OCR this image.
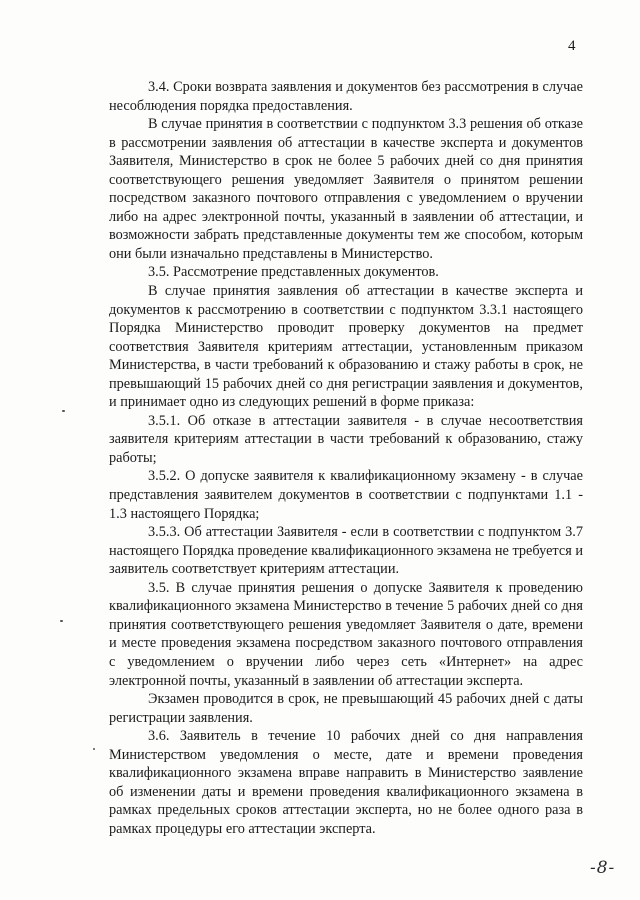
4

3.4. Сроки возврата заявления и документов без рассмотрения в случае несоблюдения порядка предоставления.

В случае принятия в соответствии с подпунктом 3.3 решения об отказе в рассмотрении заявления об аттестации в качестве эксперта и документов Заявителя, Министерство в срок не более 5 рабочих дней со дня принятия соответствующего решения уведомляет Заявителя о принятом решении посредством заказного почтового отправления с уведомлением о вручении либо на адрес электронной почты, указанный в заявлении об аттестации, и возможности забрать представленные документы тем же способом, которым они были изначально представлены в Министерство.

3.5. Рассмотрение представленных документов.

В случае принятия заявления об аттестации в качестве эксперта и документов к рассмотрению в соответствии с подпунктом 3.3.1 настоящего Порядка Министерство проводит проверку документов на предмет соответствия Заявителя критериям аттестации, установленным приказом Министерства, в части требований к образованию и стажу работы в срок, не превышающий 15 рабочих дней со дня регистрации заявления и документов, и принимает одно из следующих решений в форме приказа:

3.5.1. Об отказе в аттестации заявителя - в случае несоответствия заявителя критериям аттестации в части требований к образованию, стажу работы;

3.5.2. О допуске заявителя к квалификационному экзамену - в случае представления заявителем документов в соответствии с подпунктами 1.1 - 1.3 настоящего Порядка;

3.5.3. Об аттестации Заявителя - если в соответствии с подпунктом 3.7 настоящего Порядка проведение квалификационного экзамена не требуется и заявитель соответствует критериям аттестации.

3.5. В случае принятия решения о допуске Заявителя к проведению квалификационного экзамена Министерство в течение 5 рабочих дней со дня принятия соответствующего решения уведомляет Заявителя о дате, времени и месте проведения экзамена посредством заказного почтового отправления с уведомлением о вручении либо через сеть «Интернет» на адрес электронной почты, указанный в заявлении об аттестации эксперта.

Экзамен проводится в срок, не превышающий 45 рабочих дней с даты регистрации заявления.

3.6. Заявитель в течение 10 рабочих дней со дня направления Министерством уведомления о месте, дате и времени проведения квалификационного экзамена вправе направить в Министерство заявление об изменении даты и времени проведения квалификационного экзамена в рамках предельных сроков аттестации эксперта, но не более одного раза в рамках процедуры его аттестации эксперта.

-8-
